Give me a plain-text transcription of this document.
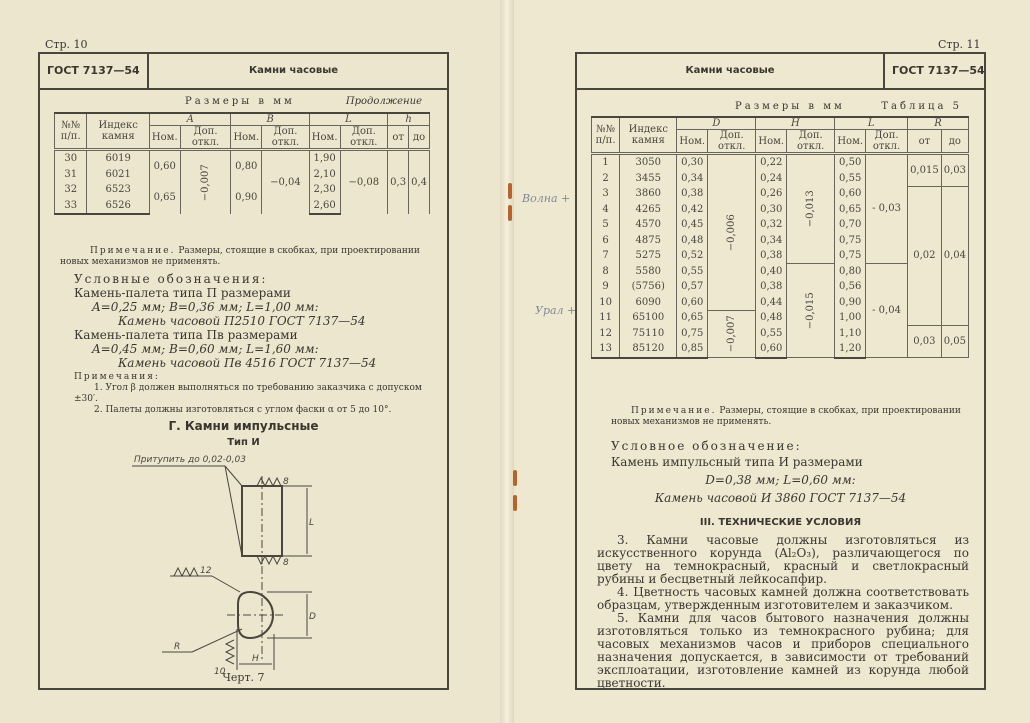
Волна +
Урал +
Стр. 10
ГОСТ 7137—54	Камни часовые
Размеры в мм	Продолжение
№№ п/п.	Индекс камня	A		B		L		h	
		Ном.	Доп. откл.	Ном.	Доп. откл.	Ном.	Доп. откл.	от	до
30	6019	0,60	−0,007	0,80	−0,04	1,90	−0,08	0,3	0,4
31	6021					2,10			
32	6523	0,65		0,90		2,30			
33	6526					2,60			
Примечание. Размеры, стоящие в скобках, при проектировании новых механизмов не применять.
Условные обозначения:
Камень-палета типа П размерами
A=0,25 мм; B=0,36 мм; L=1,00 мм:
Камень часовой П2510 ГОСТ 7137—54
Камень-палета типа Пв размерами
A=0,45 мм; B=0,60 мм; L=1,60 мм:
Камень часовой Пв 4516 ГОСТ 7137—54
Примечания:
1. Угол β должен выполняться по требованию заказчика с допуском ±30′.
2. Палеты должны изготовляться с углом фаски α от 5 до 10°.
Г. Камни импульсные
Тип И
Притупить до 0,02-0,03
8
8
12
10
L
D
H
R
Черт. 7
Стр. 11
Камни часовые	ГОСТ 7137—54
Размеры в мм	Таблица 5
№№ п/п.	Индекс камня	D		H		L		R	
		Ном.	Доп. откл.	Ном.	Доп. откл.	Ном.	Доп. откл.	от	до
1	3050	0,30	−0,006	0,22	−0,013	0,50	- 0,03	0,015	0,03
2	3455	0,34		0,24		0,55			
3	3860	0,38		0,26		0,60		0,02	0,04
4	4265	0,42		0,30		0,65			
5	4570	0,45		0,32		0,70			
6	4875	0,48		0,34		0,75			
7	5275	0,52		0,38		0,75			
8	5580	0,55		0,40	−0,015	0,80	- 0,04		
9	(5756)	0,57		0,38		0,56			
10	6090	0,60		0,44		0,90			
11	65100	0,65	−0,007	0,48		1,00			
12	75110	0,75		0,55		1,10		0,03	0,05
13	85120	0,85		0,60		1,20			
Примечание. Размеры, стоящие в скобках, при проектировании новых механизмов не применять.
Условное обозначение:
Камень импульсный типа И размерами
D=0,38 мм; L=0,60 мм:
Камень часовой И 3860 ГОСТ 7137—54
III. ТЕХНИЧЕСКИЕ УСЛОВИЯ

3. Камни часовые должны изготовляться из искусственного корунда (Al₂O₃), различающегося по цвету на темнокрасный, красный и светлокрасный рубины и бесцветный лейкосапфир.

4. Цветность часовых камней должна соответствовать образцам, утвержденным изготовителем и заказчиком.

5. Камни для часов бытового назначения должны изготовляться только из темнокрасного рубина; для часовых механизмов часов и приборов специального назначения допускается, в зависимости от требований эксплоатации, изготовление камней из корунда любой цветности.
